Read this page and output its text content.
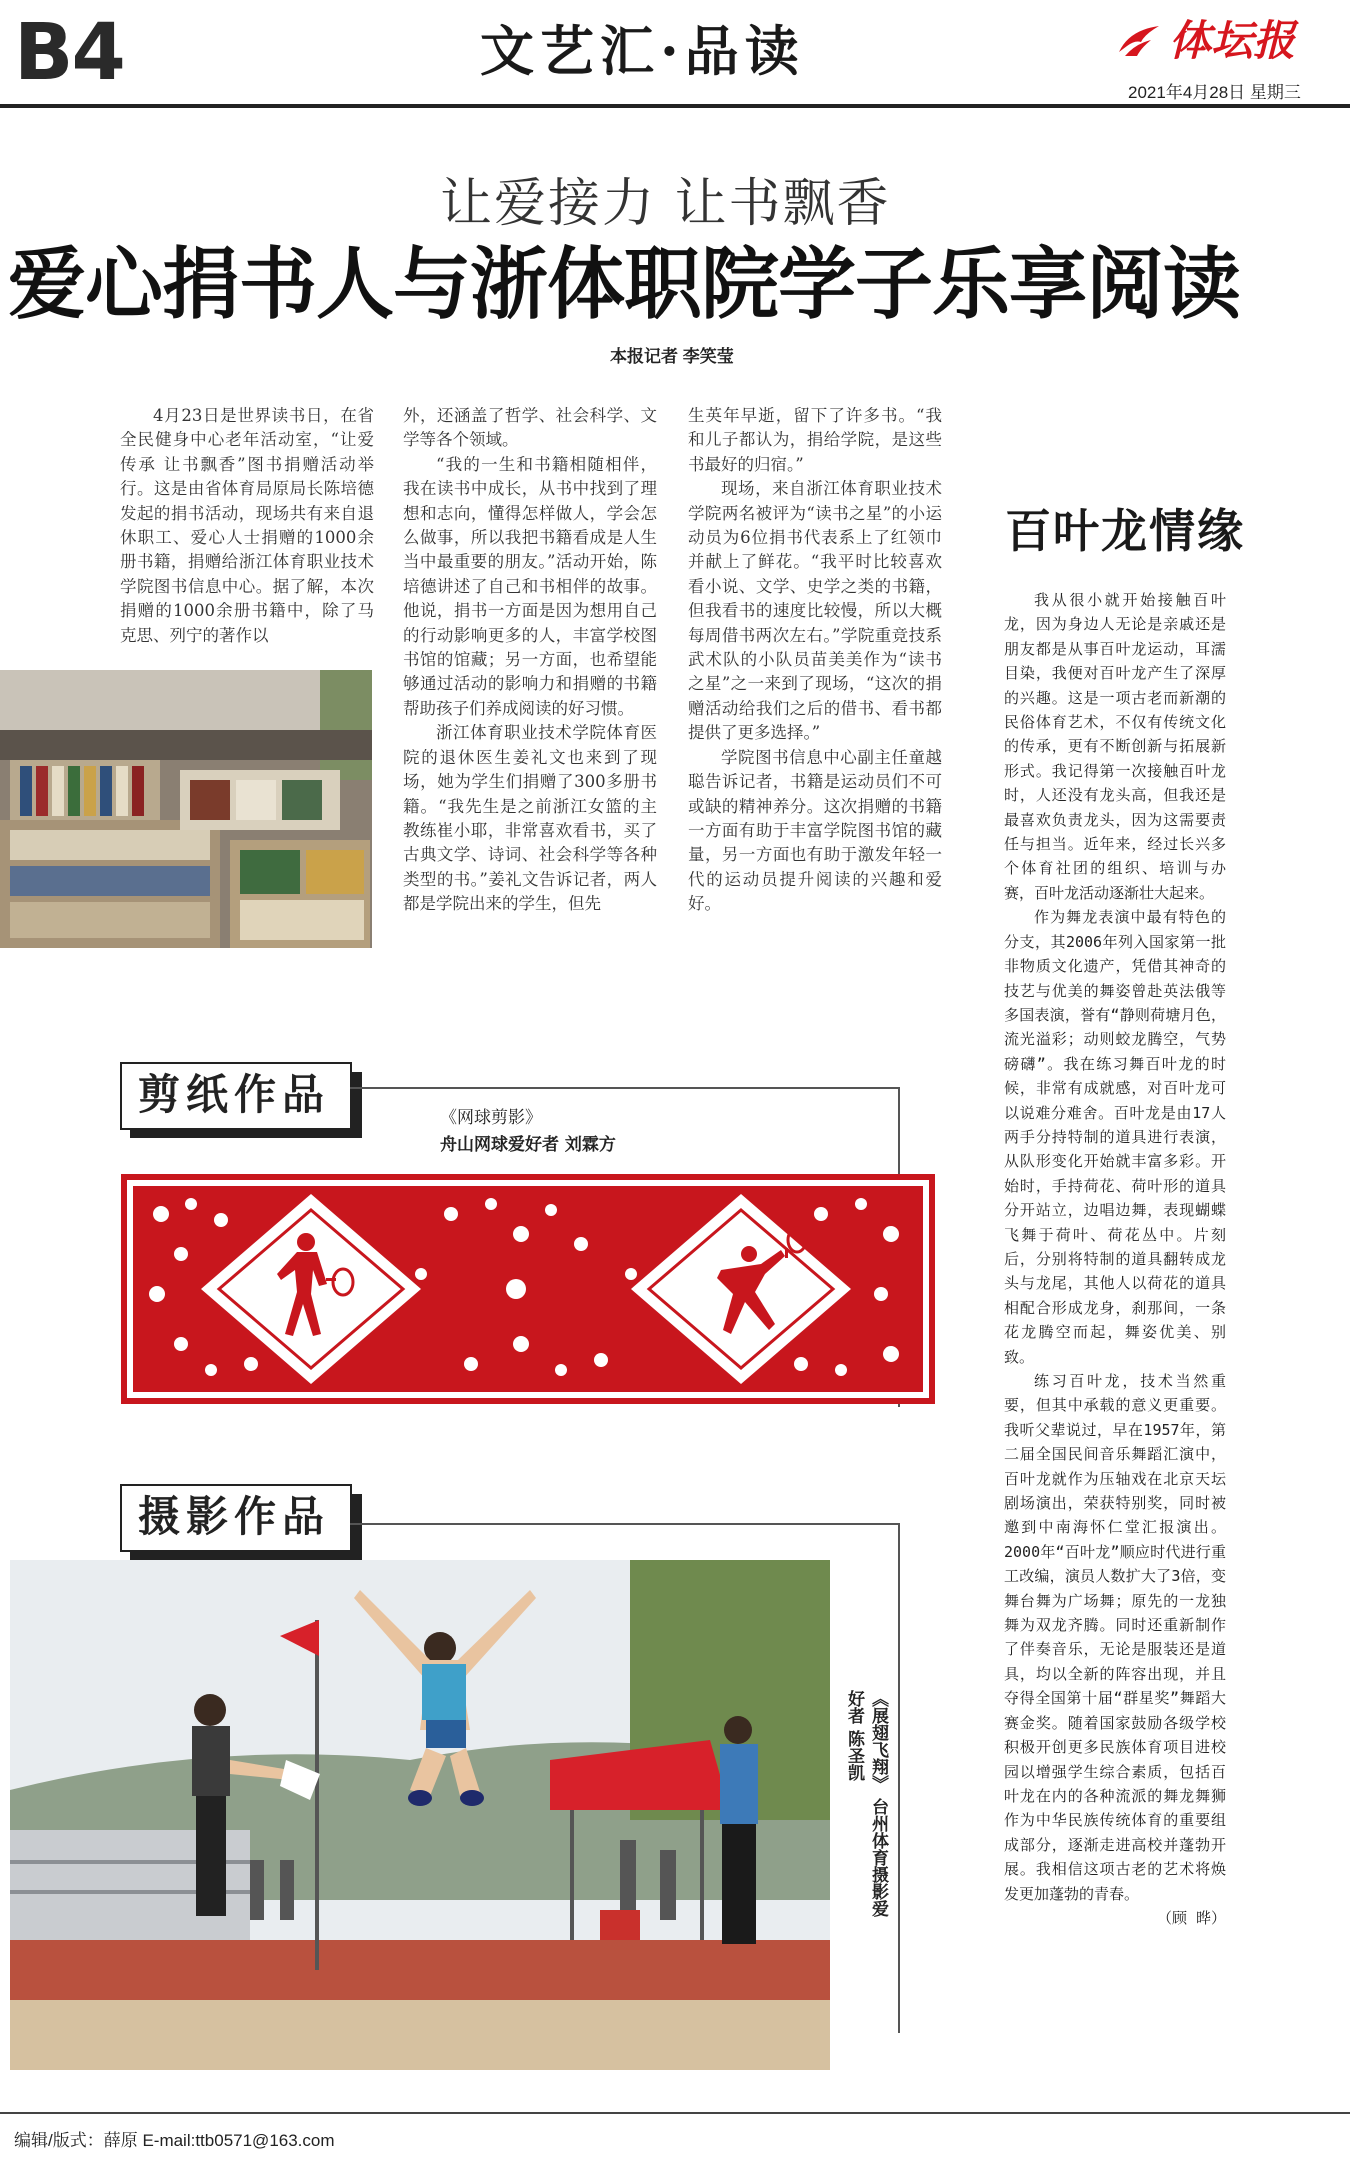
B4	文艺汇·品读	体坛报
2021年4月28日 星期三
让爱接力 让书飘香
爱心捐书人与浙体职院学子乐享阅读
本报记者 李笑莹

4月23日是世界读书日，在省全民健身中心老年活动室，“让爱传承 让书飘香”图书捐赠活动举行。这是由省体育局原局长陈培德发起的捐书活动，现场共有来自退休职工、爱心人士捐赠的1000余册书籍，捐赠给浙江体育职业技术学院图书信息中心。据了解，本次捐赠的1000余册书籍中，除了马克思、列宁的著作以

外，还涵盖了哲学、社会科学、文学等各个领域。

“我的一生和书籍相随相伴，我在读书中成长，从书中找到了理想和志向，懂得怎样做人，学会怎么做事，所以我把书籍看成是人生当中最重要的朋友。”活动开始，陈培德讲述了自己和书相伴的故事。他说，捐书一方面是因为想用自己的行动影响更多的人，丰富学校图书馆的馆藏；另一方面，也希望能够通过活动的影响力和捐赠的书籍帮助孩子们养成阅读的好习惯。

浙江体育职业技术学院体育医院的退休医生姜礼文也来到了现场，她为学生们捐赠了300多册书籍。“我先生是之前浙江女篮的主教练崔小耶，非常喜欢看书，买了古典文学、诗词、社会科学等各种类型的书。”姜礼文告诉记者，两人都是学院出来的学生，但先

生英年早逝，留下了许多书。“我和儿子都认为，捐给学院，是这些书最好的归宿。”

现场，来自浙江体育职业技术学院两名被评为“读书之星”的小运动员为6位捐书代表系上了红领巾并献上了鲜花。“我平时比较喜欢看小说、文学、史学之类的书籍，但我看书的速度比较慢，所以大概每周借书两次左右。”学院重竞技系武术队的小队员苗美美作为“读书之星”之一来到了现场，“这次的捐赠活动给我们之后的借书、看书都提供了更多选择。”

学院图书信息中心副主任童越聪告诉记者，书籍是运动员们不可或缺的精神养分。这次捐赠的书籍一方面有助于丰富学院图书馆的藏量，另一方面也有助于激发年轻一代的运动员提升阅读的兴趣和爱好。

百叶龙情缘

我从很小就开始接触百叶龙，因为身边人无论是亲戚还是朋友都是从事百叶龙运动，耳濡目染，我便对百叶龙产生了深厚的兴趣。这是一项古老而新潮的民俗体育艺术，不仅有传统文化的传承，更有不断创新与拓展新形式。我记得第一次接触百叶龙时，人还没有龙头高，但我还是最喜欢负责龙头，因为这需要责任与担当。近年来，经过长兴多个体育社团的组织、培训与办赛，百叶龙活动逐渐壮大起来。

作为舞龙表演中最有特色的分支，其2006年列入国家第一批非物质文化遗产，凭借其神奇的技艺与优美的舞姿曾赴英法俄等多国表演，誉有“静则荷塘月色，流光溢彩；动则蛟龙腾空，气势磅礴”。我在练习舞百叶龙的时候，非常有成就感，对百叶龙可以说难分难舍。百叶龙是由17人两手分持特制的道具进行表演，从队形变化开始就丰富多彩。开始时，手持荷花、荷叶形的道具分开站立，边唱边舞，表现蝴蝶飞舞于荷叶、荷花丛中。片刻后，分别将特制的道具翻转成龙头与龙尾，其他人以荷花的道具相配合形成龙身，刹那间，一条花龙腾空而起，舞姿优美、别致。

练习百叶龙，技术当然重要，但其中承载的意义更重要。我听父辈说过，早在1957年，第二届全国民间音乐舞蹈汇演中，百叶龙就作为压轴戏在北京天坛剧场演出，荣获特别奖，同时被邀到中南海怀仁堂汇报演出。2000年“百叶龙”顺应时代进行重工改编，演员人数扩大了3倍，变舞台舞为广场舞；原先的一龙独舞为双龙齐腾。同时还重新制作了伴奏音乐，无论是服装还是道具，均以全新的阵容出现，并且夺得全国第十届“群星奖”舞蹈大赛金奖。随着国家鼓励各级学校积极开创更多民族体育项目进校园以增强学生综合素质，包括百叶龙在内的各种流派的舞龙舞狮作为中华民族传统体育的重要组成部分，逐渐走进高校并蓬勃开展。我相信这项古老的艺术将焕发更加蓬勃的青春。

（顾 晔）

剪纸作品	《网球剪影》
舟山网球爱好者 刘霖方
摄影作品
《展翅飞翔》 台州体育摄影爱好者 陈圣凯
编辑/版式：薛原 E-mail:ttb0571@163.com
